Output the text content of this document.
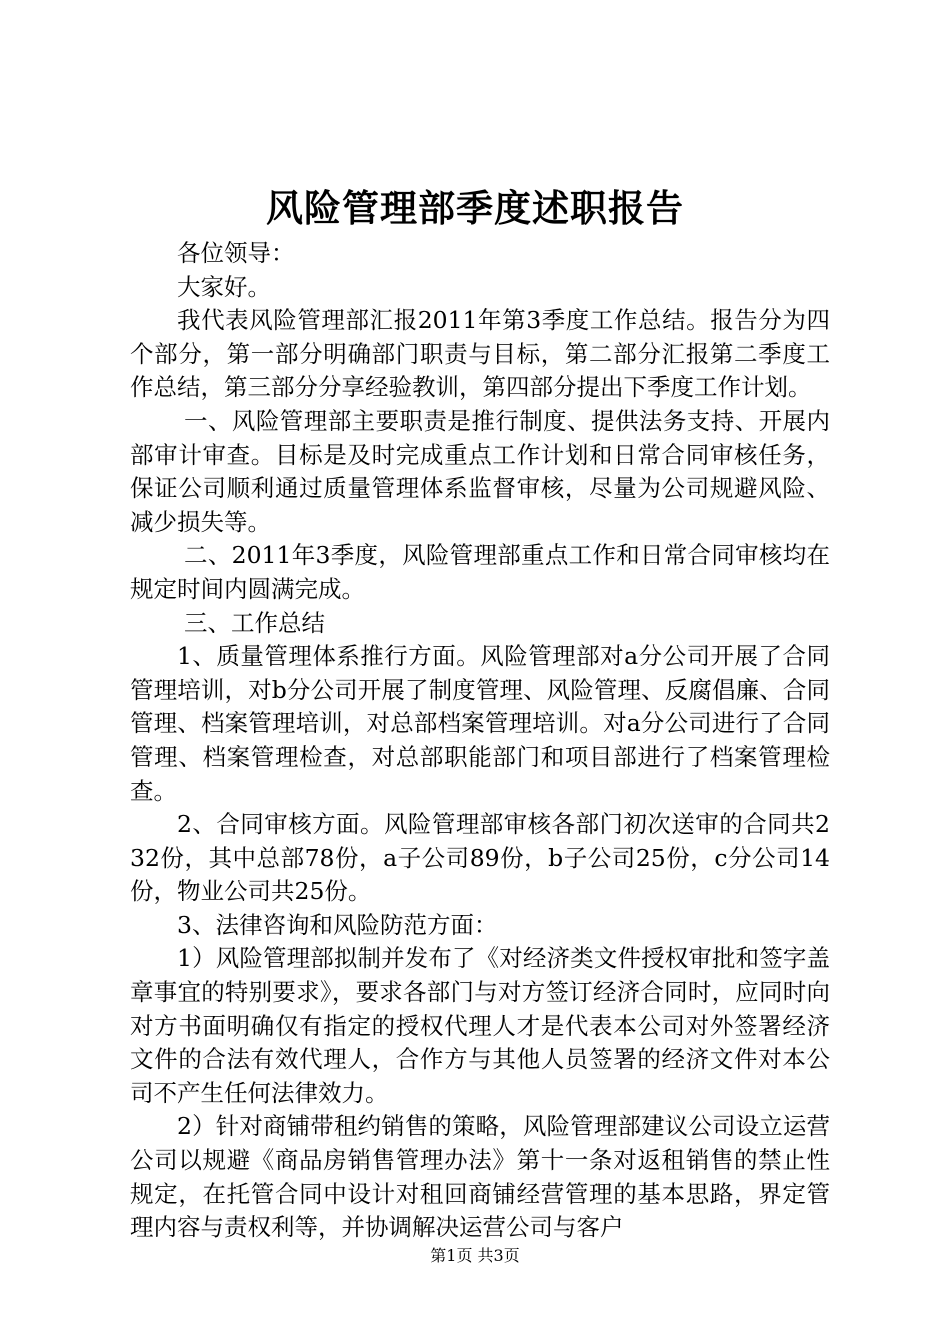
风险管理部季度述职报告

各位领导：

大家好。

我代表风险管理部汇报2011年第3季度工作总结。报告分为四个部分，第一部分明确部门职责与目标，第二部分汇报第二季度工作总结，第三部分分享经验教训，第四部分提出下季度工作计划。

一、风险管理部主要职责是推行制度、提供法务支持、开展内部审计审查。目标是及时完成重点工作计划和日常合同审核任务，保证公司顺利通过质量管理体系监督审核，尽量为公司规避风险、减少损失等。

二、2011年3季度，风险管理部重点工作和日常合同审核均在规定时间内圆满完成。

三、工作总结

1、质量管理体系推行方面。风险管理部对a分公司开展了合同管理培训，对b分公司开展了制度管理、风险管理、反腐倡廉、合同管理、档案管理培训，对总部档案管理培训。对a分公司进行了合同管理、档案管理检查，对总部职能部门和项目部进行了档案管理检查。

2、合同审核方面。风险管理部审核各部门初次送审的合同共232份，其中总部78份，a子公司89份，b子公司25份，c分公司14份，物业公司共25份。

3、法律咨询和风险防范方面：

1）风险管理部拟制并发布了《对经济类文件授权审批和签字盖章事宜的特别要求》，要求各部门与对方签订经济合同时，应同时向对方书面明确仅有指定的授权代理人才是代表本公司对外签署经济文件的合法有效代理人，合作方与其他人员签署的经济文件对本公司不产生任何法律效力。

2）针对商铺带租约销售的策略，风险管理部建议公司设立运营公司以规避《商品房销售管理办法》第十一条对返租销售的禁止性规定，在托管合同中设计对租回商铺经营管理的基本思路，界定管理内容与责权利等，并协调解决运营公司与客户

第1页 共3页
